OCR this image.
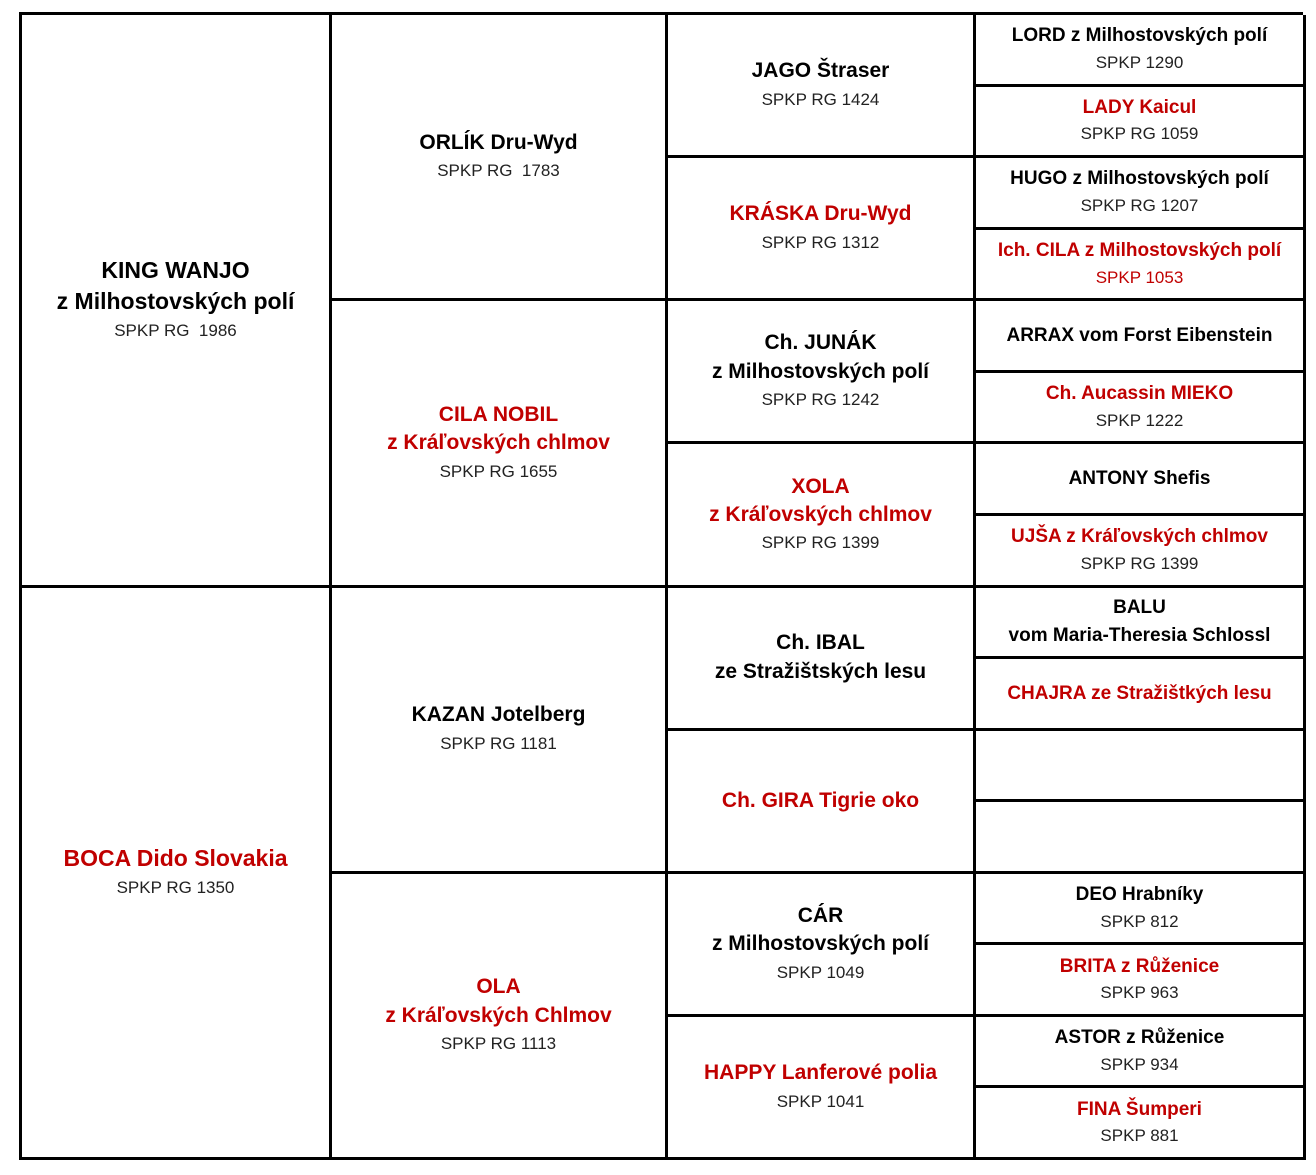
KING WANJO
z Milhostovských polí
SPKP RG  1986
BOCA Dido Slovakia
SPKP RG 1350
ORLÍK Dru-Wyd
SPKP RG  1783
CILA NOBIL
z Kráľovských chlmov
SPKP RG 1655
KAZAN Jotelberg
SPKP RG 1181
OLA
z Kráľovských Chlmov
SPKP RG 1113
JAGO Štraser
SPKP RG 1424
KRÁSKA Dru-Wyd
SPKP RG 1312
Ch. JUNÁK
z Milhostovských polí
SPKP RG 1242
XOLA
z Kráľovských chlmov
SPKP RG 1399
Ch. IBAL
ze Stražištských lesu
Ch. GIRA Tigrie oko
CÁR
z Milhostovských polí
SPKP 1049
HAPPY Lanferové polia
SPKP 1041
LORD z Milhostovských polí
SPKP 1290
LADY Kaicul
SPKP RG 1059
HUGO z Milhostovských polí
SPKP RG 1207
Ich. CILA z Milhostovských polí
SPKP 1053
ARRAX vom Forst Eibenstein
Ch. Aucassin MIEKO
SPKP 1222
ANTONY Shefis
UJŠA z Kráľovských chlmov
SPKP RG 1399
BALU
vom Maria-Theresia Schlossl
CHAJRA ze Stražištkých lesu
DEO Hrabníky
SPKP 812
BRITA z Růženice
SPKP 963
ASTOR z Růženice
SPKP 934
FINA Šumperi
SPKP 881
